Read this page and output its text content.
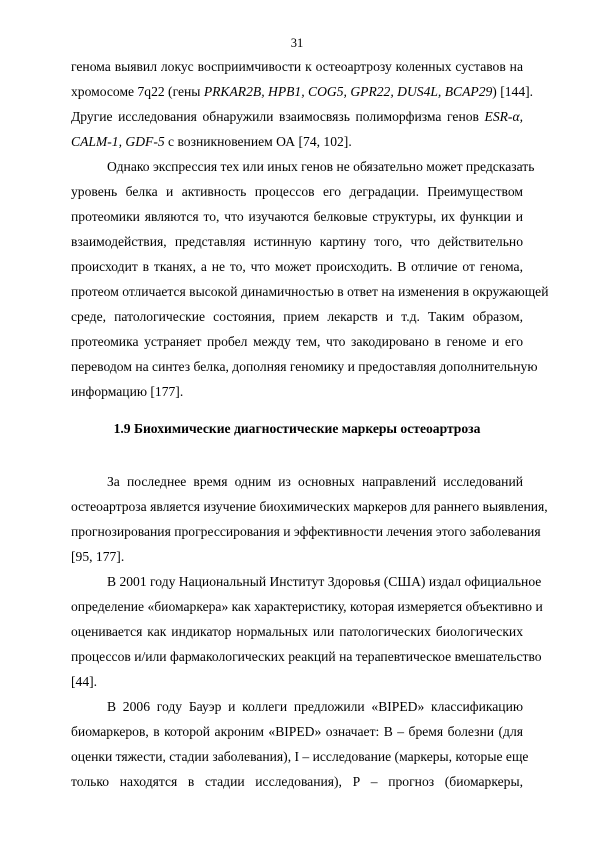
31
генома выявил локус восприимчивости к остеоартрозу коленных суставов на
хромосоме 7q22 (гены PRKAR2B, HPB1, COG5, GPR22, DUS4L, BCAP29) [144].
Другие исследования обнаружили взаимосвязь полиморфизма генов ESR-α,
CALM-1, GDF-5 с возникновением ОА [74, 102].
Однако экспрессия тех или иных генов не обязательно может предсказать
уровень белка и активность процессов его деградации. Преимуществом
протеомики являются то, что изучаются белковые структуры, их функции и
взаимодействия, представляя истинную картину того, что действительно
происходит в тканях, а не то, что может происходить. В отличие от генома,
протеом отличается высокой динамичностью в ответ на изменения в окружающей
среде, патологические состояния, прием лекарств и т.д. Таким образом,
протеомика устраняет пробел между тем, что закодировано в геноме и его
переводом на синтез белка, дополняя геномику и предоставляя дополнительную
информацию [177].
1.9 Биохимические диагностические маркеры остеоартроза
За последнее время одним из основных направлений исследований
остеоартроза является изучение биохимических маркеров для раннего выявления,
прогнозирования прогрессирования и эффективности лечения этого заболевания
[95, 177].
В 2001 году Национальный Институт Здоровья (США) издал официальное
определение «биомаркера» как характеристику, которая измеряется объективно и
оценивается как индикатор нормальных или патологических биологических
процессов и/или фармакологических реакций на терапевтическое вмешательство
[44].
В 2006 году Бауэр и коллеги предложили «BIPED» классификацию
биомаркеров, в которой акроним «BIPED» означает: В – бремя болезни (для
оценки тяжести, стадии заболевания), I – исследование (маркеры, которые еще
только находятся в стадии исследования), Р – прогноз (биомаркеры,
